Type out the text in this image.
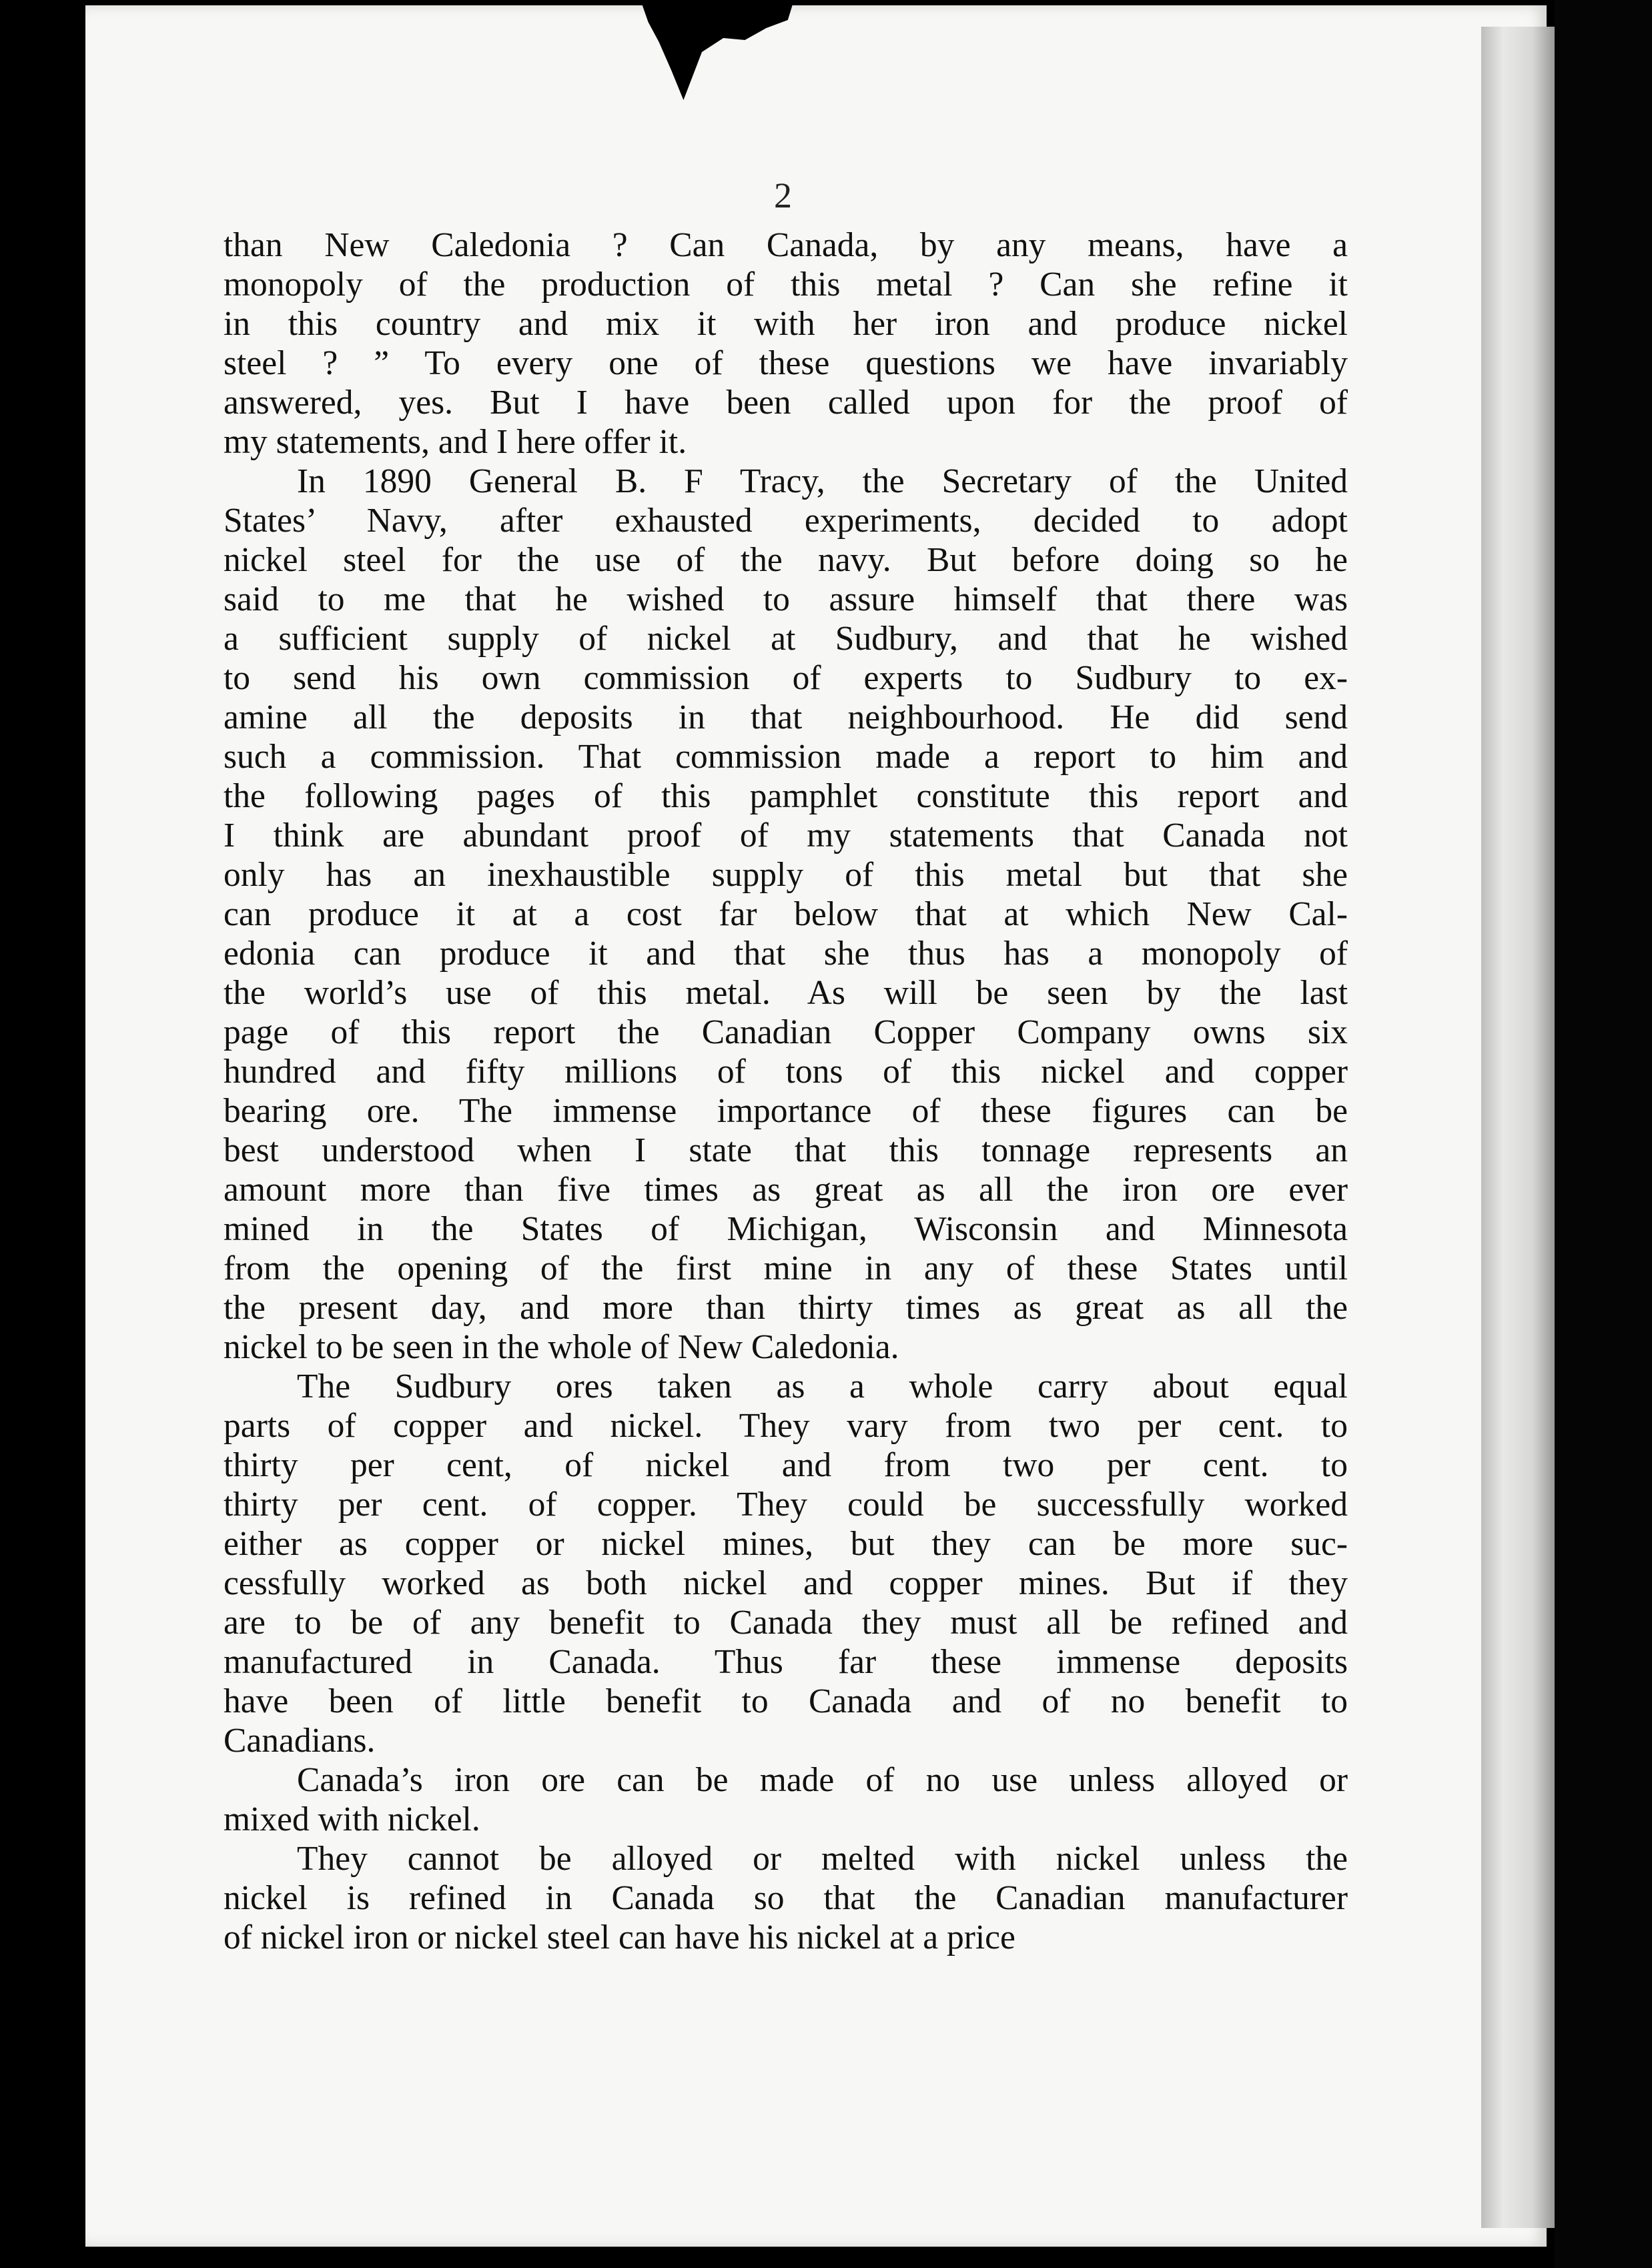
2

than New Caledonia ? Can Canada, by any means, have a
monopoly of the production of this metal ? Can she refine it
in this country and mix it with her iron and produce nickel
steel ? ” To every one of these questions we have invariably
answered, yes. But I have been called upon for the proof of
my statements, and I here offer it.

In 1890 General B. F Tracy, the Secretary of the United
States’ Navy, after exhausted experiments, decided to adopt
nickel steel for the use of the navy. But before doing so he
said to me that he wished to assure himself that there was
a sufficient supply of nickel at Sudbury, and that he wished
to send his own commission of experts to Sudbury to ex-
amine all the deposits in that neighbourhood. He did send
such a commission. That commission made a report to him and
the following pages of this pamphlet constitute this report and
I think are abundant proof of my statements that Canada not
only has an inexhaustible supply of this metal but that she
can produce it at a cost far below that at which New Cal-
edonia can produce it and that she thus has a monopoly of
the world’s use of this metal. As will be seen by the last
page of this report the Canadian Copper Company owns six
hundred and fifty millions of tons of this nickel and copper
bearing ore. The immense importance of these figures can be
best understood when I state that this tonnage represents an
amount more than five times as great as all the iron ore ever
mined in the States of Michigan, Wisconsin and Minnesota
from the opening of the first mine in any of these States until
the present day, and more than thirty times as great as all the
nickel to be seen in the whole of New Caledonia.

The Sudbury ores taken as a whole carry about equal
parts of copper and nickel. They vary from two per cent. to
thirty per cent, of nickel and from two per cent. to
thirty per cent. of copper. They could be successfully worked
either as copper or nickel mines, but they can be more suc-
cessfully worked as both nickel and copper mines. But if they
are to be of any benefit to Canada they must all be refined and
manufactured in Canada. Thus far these immense deposits
have been of little benefit to Canada and of no benefit to
Canadians.

Canada’s iron ore can be made of no use unless alloyed or
mixed with nickel.

They cannot be alloyed or melted with nickel unless the
nickel is refined in Canada so that the Canadian manufacturer
of nickel iron or nickel steel can have his nickel at a price
